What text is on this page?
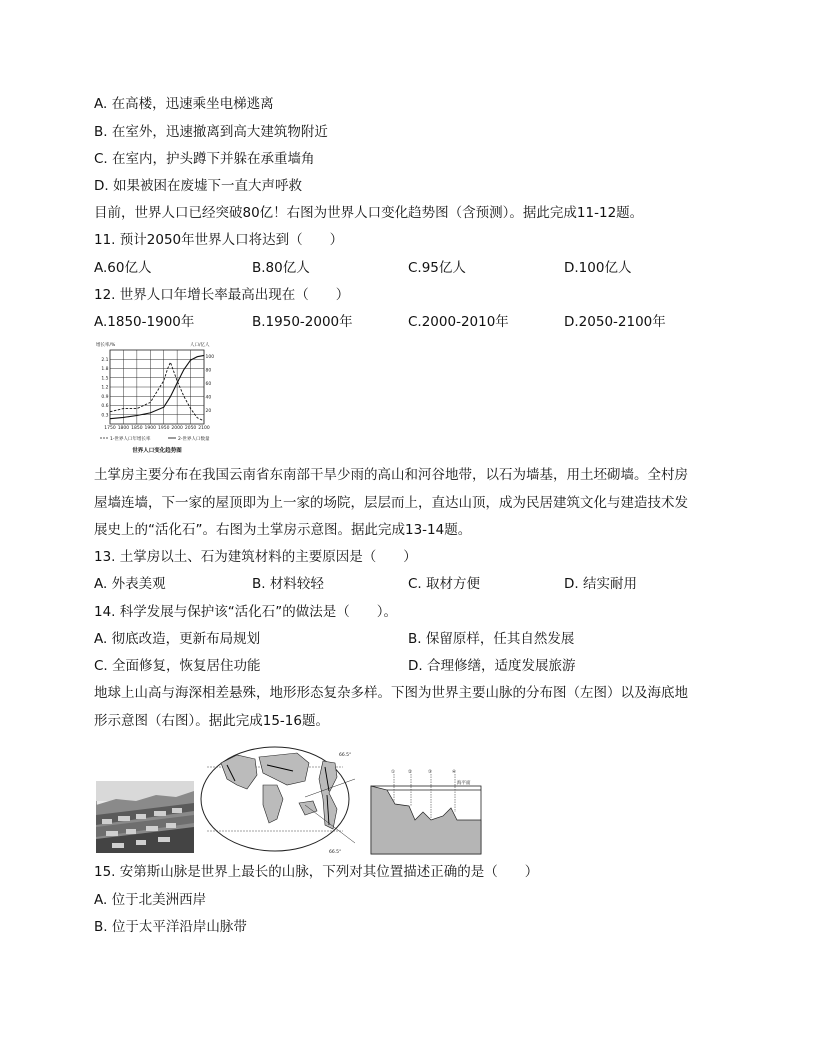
A. 在高楼，迅速乘坐电梯逃离
B. 在室外，迅速撤离到高大建筑物附近
C. 在室内，护头蹲下并躲在承重墙角
D. 如果被困在废墟下一直大声呼救
目前，世界人口已经突破80亿！右图为世界人口变化趋势图（含预测）。据此完成11-12题。
11. 预计2050年世界人口将达到（　　）
A.60亿人	B.80亿人	C.95亿人	D.100亿人
12. 世界人口年增长率最高出现在（　　）
A.1850-1900年	B.1950-2000年	C.2000-2010年	D.2050-2100年
增长率/%	人口/亿人
1750 1800 1850 1900 1950 2000 2050 2100
2.1
1.8
1.5
1.2
0.9
0.6
0.3
100
80
60
40
20
1-世界人口年增长率	2-世界人口数量
世界人口变化趋势图
土掌房主要分布在我国云南省东南部干旱少雨的高山和河谷地带，以石为墙基，用土坯砌墙。全村房
屋墙连墙，下一家的屋顶即为上一家的场院，层层而上，直达山顶，成为民居建筑文化与建造技术发
展史上的“活化石”。右图为土掌房示意图。据此完成13-14题。
13. 土掌房以土、石为建筑材料的主要原因是（　　）
A. 外表美观	B. 材料较轻	C. 取材方便	D. 结实耐用
14. 科学发展与保护该“活化石”的做法是（　　）。
A. 彻底改造，更新布局规划	B. 保留原样，任其自然发展
C. 全面修复，恢复居住功能	D. 合理修缮，适度发展旅游
地球上山高与海深相差悬殊，地形形态复杂多样。下图为世界主要山脉的分布图（左图）以及海底地
形示意图（右图）。据此完成15-16题。
66.5°
66.5°
海平面
①	②	③	④
15. 安第斯山脉是世界上最长的山脉，下列对其位置描述正确的是（　　）
A. 位于北美洲西岸
B. 位于太平洋沿岸山脉带
